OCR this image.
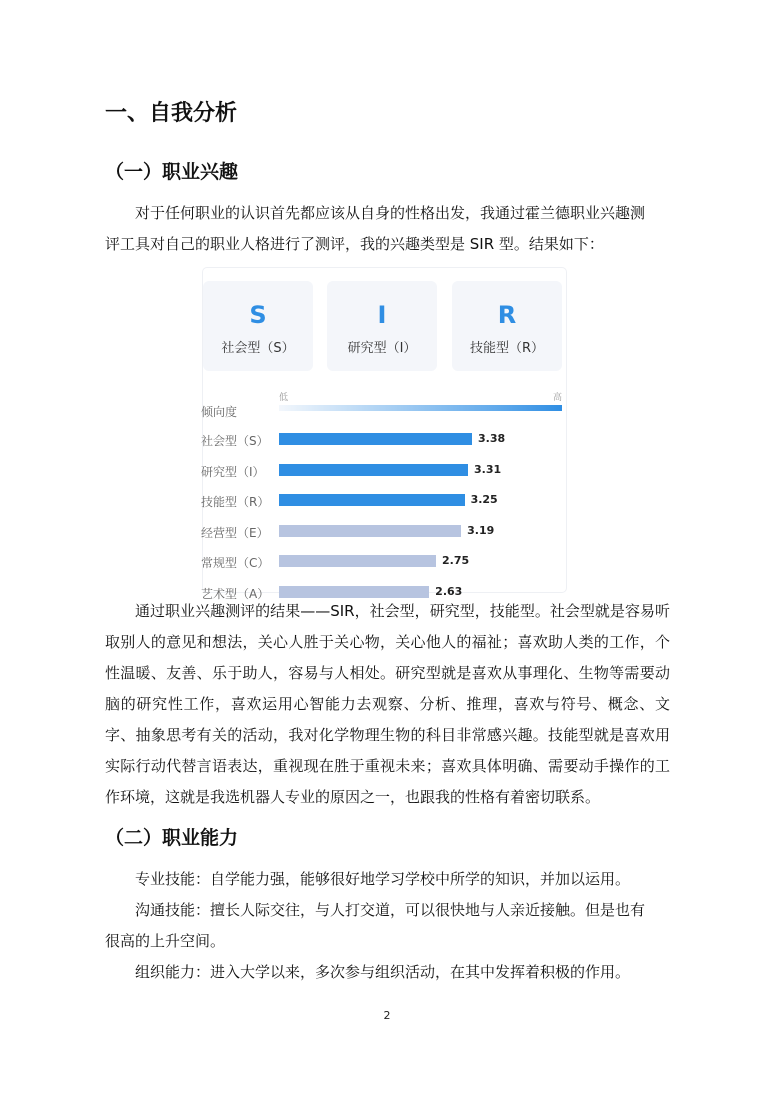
一、自我分析
（一）职业兴趣

对于任何职业的认识首先都应该从自身的性格出发，我通过霍兰德职业兴趣测

评工具对自己的职业人格进行了测评，我的兴趣类型是 SIR 型。结果如下：

S
社会型（S）
I
研究型（I）
R
技能型（R）
低	高
倾向度
社会型（S）	3.38
研究型（I）	3.31
技能型（R）	3.25
经营型（E）	3.19
常规型（C）	2.75
艺术型（A）	2.63

通过职业兴趣测评的结果——SIR，社会型，研究型，技能型。社会型就是容易听取别人的意见和想法，关心人胜于关心物，关心他人的福祉；喜欢助人类的工作，个性温暖、友善、乐于助人，容易与人相处。研究型就是喜欢从事理化、生物等需要动脑的研究性工作，喜欢运用心智能力去观察、分析、推理，喜欢与符号、概念、文字、抽象思考有关的活动，我对化学物理生物的科目非常感兴趣。技能型就是喜欢用实际行动代替言语表达，重视现在胜于重视未来；喜欢具体明确、需要动手操作的工作环境，这就是我选机器人专业的原因之一，也跟我的性格有着密切联系。

（二）职业能力

专业技能：自学能力强，能够很好地学习学校中所学的知识，并加以运用。

沟通技能：擅长人际交往，与人打交道，可以很快地与人亲近接触。但是也有

很高的上升空间。

组织能力：进入大学以来，多次参与组织活动，在其中发挥着积极的作用。

2
